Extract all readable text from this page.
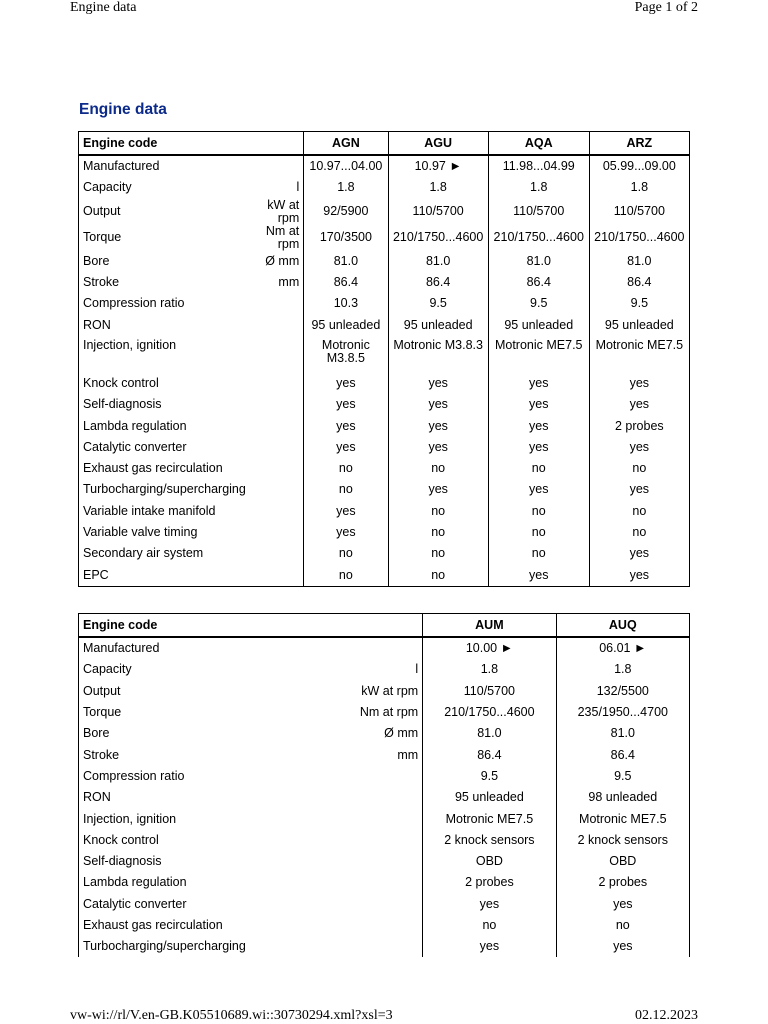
Engine data	Page 1 of 2
Engine data
Engine code		AGN	AGU	AQA	ARZ
Manufactured		10.97...04.00	10.97 ►	11.98...04.99	05.99...09.00
Capacity	l	1.8	1.8	1.8	1.8
Output	kW at rpm	92/5900	110/5700	110/5700	110/5700
Torque	Nm at rpm	170/3500	210/1750...4600	210/1750...4600	210/1750...4600
Bore	Ø mm	81.0	81.0	81.0	81.0
Stroke	mm	86.4	86.4	86.4	86.4
Compression ratio		10.3	9.5	9.5	9.5
RON		95 unleaded	95 unleaded	95 unleaded	95 unleaded
Injection, ignition		Motronic M3.8.5	Motronic M3.8.3	Motronic ME7.5	Motronic ME7.5
Knock control		yes	yes	yes	yes
Self-diagnosis		yes	yes	yes	yes
Lambda regulation		yes	yes	yes	2 probes
Catalytic converter		yes	yes	yes	yes
Exhaust gas recirculation		no	no	no	no
Turbocharging/supercharging		no	yes	yes	yes
Variable intake manifold		yes	no	no	no
Variable valve timing		yes	no	no	no
Secondary air system		no	no	no	yes
EPC		no	no	yes	yes
Engine code		AUM	AUQ
Manufactured		10.00 ►	06.01 ►
Capacity	l	1.8	1.8
Output	kW at rpm	110/5700	132/5500
Torque	Nm at rpm	210/1750...4600	235/1950...4700
Bore	Ø mm	81.0	81.0
Stroke	mm	86.4	86.4
Compression ratio		9.5	9.5
RON		95 unleaded	98 unleaded
Injection, ignition		Motronic ME7.5	Motronic ME7.5
Knock control		2 knock sensors	2 knock sensors
Self-diagnosis		OBD	OBD
Lambda regulation		2 probes	2 probes
Catalytic converter		yes	yes
Exhaust gas recirculation		no	no
Turbocharging/supercharging		yes	yes
vw-wi://rl/V.en-GB.K05510689.wi::30730294.xml?xsl=3	02.12.2023
